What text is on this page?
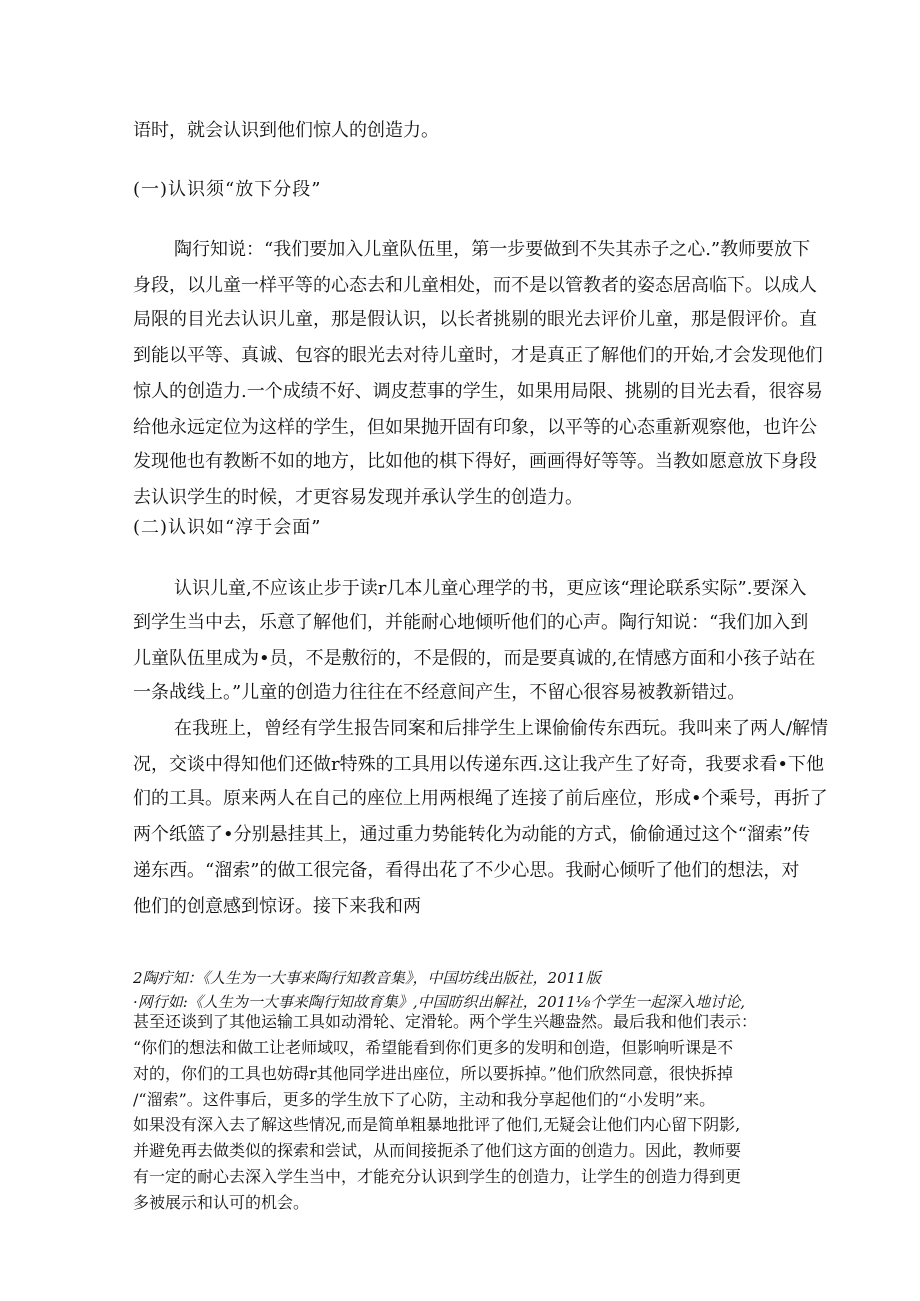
语时，就会认识到他们惊人的创造力。
(一)认识须“放下分段”
陶行知说：“我们要加入儿童队伍里，第一步要做到不失其赤子之心.”教师要放下
身段，以儿童一样平等的心态去和儿童相处，而不是以管教者的姿态居高临下。以成人
局限的目光去认识儿童，那是假认识，以长者挑剔的眼光去评价儿童，那是假评价。直
到能以平等、真诚、包容的眼光去对待儿童时，才是真正了解他们的开始,才会发现他们
惊人的创造力.一个成绩不好、调皮惹事的学生，如果用局限、挑剔的目光去看，很容易
给他永远定位为这样的学生，但如果抛开固有印象，以平等的心态重新观察他，也许公
发现他也有教断不如的地方，比如他的棋下得好，画画得好等等。当教如愿意放下身段
去认识学生的时候，才更容易发现并承认学生的创造力。
(二)认识如“淳于会面”
认识儿童,不应该止步于读r几本儿童心理学的书，更应该“理论联系实际”.要深入
到学生当中去，乐意了解他们，并能耐心地倾听他们的心声。陶行知说：“我们加入到
儿童队伍里成为•员，不是敷衍的，不是假的，而是要真诚的,在情感方面和小孩子站在
一条战线上。”儿童的创造力往往在不经意间产生，不留心很容易被教新错过。
在我班上，曾经有学生报告同案和后排学生上课偷偷传东西玩。我叫来了两人/解情
况，交谈中得知他们还做r特殊的工具用以传递东西.这让我产生了好奇，我要求看•下他
们的工具。原来两人在自己的座位上用两根绳了连接了前后座位，形成•个乘号，再折了
两个纸篮了•分别悬挂其上，通过重力势能转化为动能的方式，偷偷通过这个“溜索”传
递东西。“溜索”的做工很完备，看得出花了不少心思。我耐心倾听了他们的想法，对
他们的创意感到惊讶。接下来我和两
2陶疔知：《人生为一大事来陶行知教音集》，中国坊线出版社，2011版
·网行如:《人生为一大事来陶行知故育集》,中国昉织出解社，2011⅛个学生一起深入地讨论,
甚至还谈到了其他运输工具如动滑轮、定滑轮。两个学生兴趣盎然。最后我和他们表示：
“你们的想法和做工让老师域叹，希望能看到你们更多的发明和创造，但影响听课是不
对的，你们的工具也妨碍r其他同学进出座位，所以要拆掉。”他们欣然同意，很快拆掉
/“溜索”。这件事后，更多的学生放下了心防，主动和我分享起他们的“小发明”来。
如果没有深入去了解这些情况,而是简单粗暴地批评了他们,无疑会让他们内心留下阴影,
并避免再去做类似的探索和尝试，从而间接扼杀了他们这方面的创造力。因此，教师要
有一定的耐心去深入学生当中，才能充分认识到学生的创造力，让学生的创造力得到更
多被展示和认可的机会。
